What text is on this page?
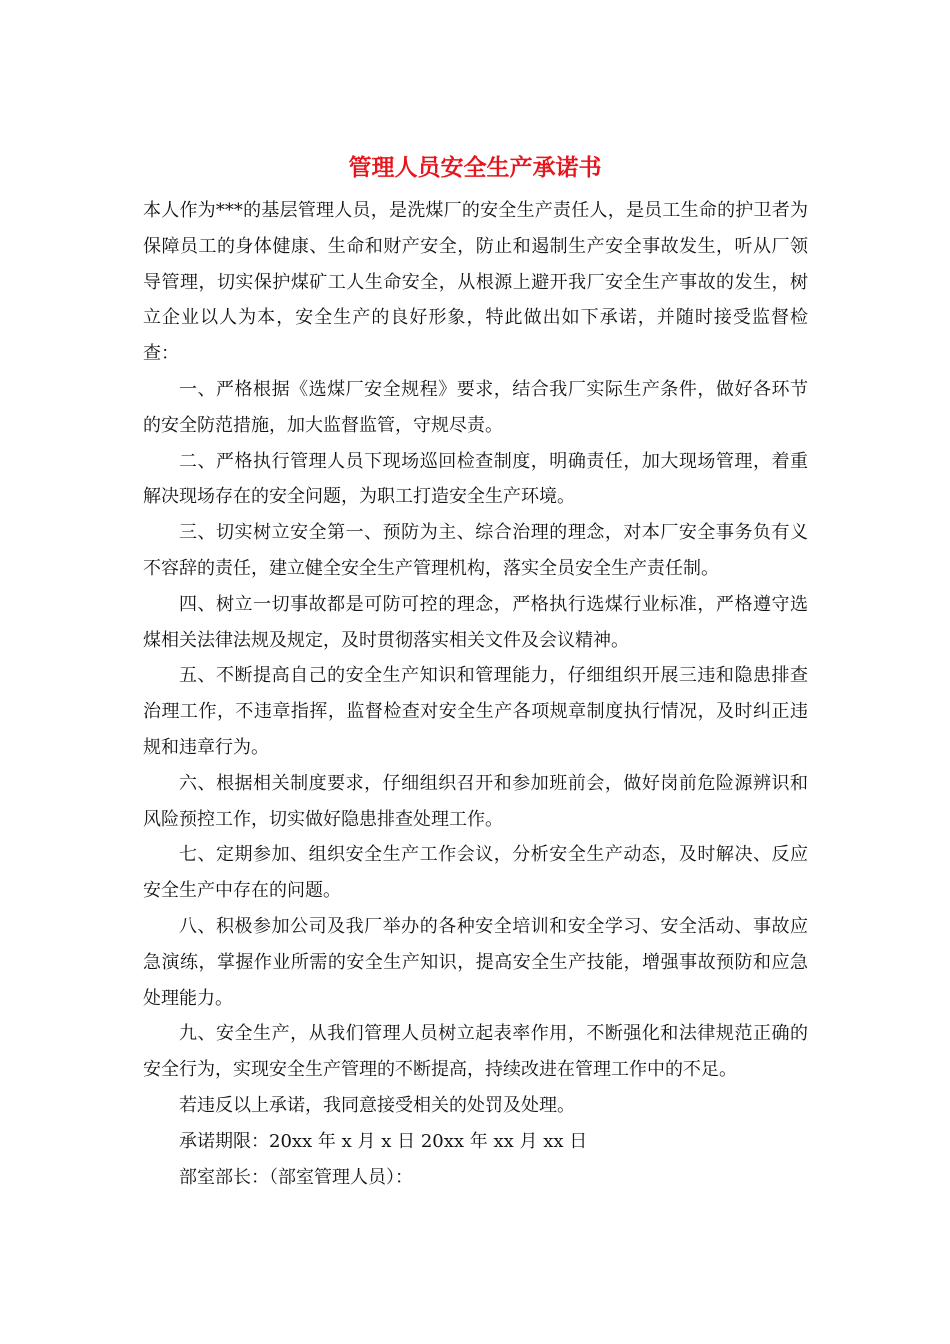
管理人员安全生产承诺书

本人作为***的基层管理人员，是洗煤厂的安全生产责任人，是员工生命的护卫者为保障员工的身体健康、生命和财产安全，防止和遏制生产安全事故发生，听从厂领导管理，切实保护煤矿工人生命安全，从根源上避开我厂安全生产事故的发生，树立企业以人为本，安全生产的良好形象，特此做出如下承诺，并随时接受监督检查：

一、严格根据《选煤厂安全规程》要求，结合我厂实际生产条件，做好各环节的安全防范措施，加大监督监管，守规尽责。

二、严格执行管理人员下现场巡回检查制度，明确责任，加大现场管理，着重解决现场存在的安全问题，为职工打造安全生产环境。

三、切实树立安全第一、预防为主、综合治理的理念，对本厂安全事务负有义不容辞的责任，建立健全安全生产管理机构，落实全员安全生产责任制。

四、树立一切事故都是可防可控的理念，严格执行选煤行业标准，严格遵守选煤相关法律法规及规定，及时贯彻落实相关文件及会议精神。

五、不断提高自己的安全生产知识和管理能力，仔细组织开展三违和隐患排查治理工作，不违章指挥，监督检查对安全生产各项规章制度执行情况，及时纠正违规和违章行为。

六、根据相关制度要求，仔细组织召开和参加班前会，做好岗前危险源辨识和风险预控工作，切实做好隐患排查处理工作。

七、定期参加、组织安全生产工作会议，分析安全生产动态，及时解决、反应安全生产中存在的问题。

八、积极参加公司及我厂举办的各种安全培训和安全学习、安全活动、事故应急演练，掌握作业所需的安全生产知识，提高安全生产技能，增强事故预防和应急处理能力。

九、安全生产，从我们管理人员树立起表率作用，不断强化和法律规范正确的安全行为，实现安全生产管理的不断提高，持续改进在管理工作中的不足。

若违反以上承诺，我同意接受相关的处罚及处理。

承诺期限：20xx 年 x 月 x 日 20xx 年 xx 月 xx 日

部室部长：（部室管理人员）：
